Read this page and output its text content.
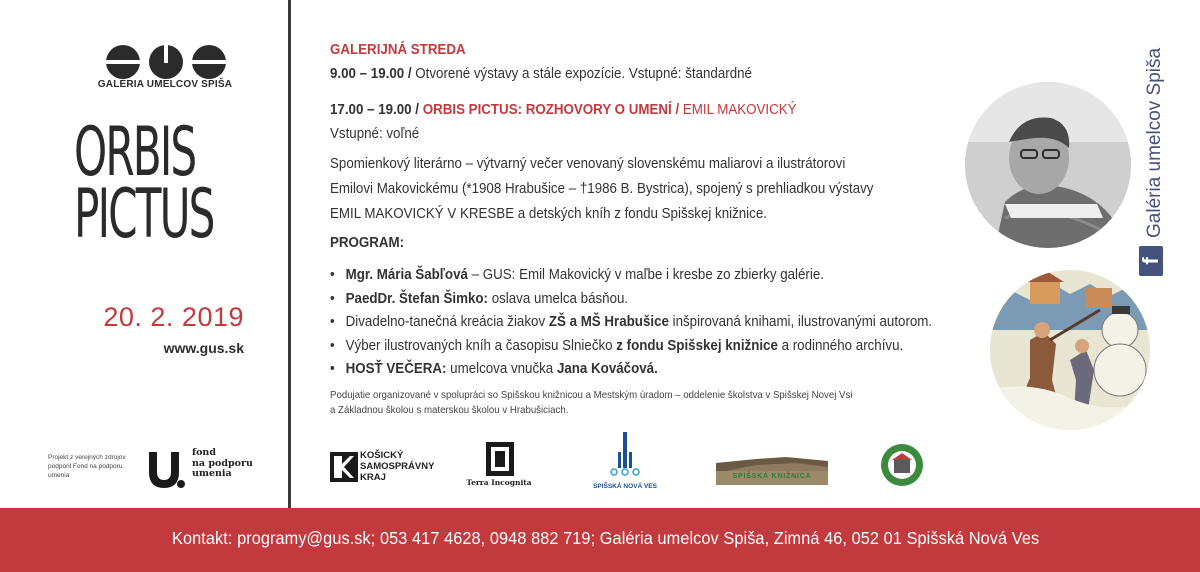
GALÉRIA UMELCOV SPIŠA
ORBIS
PICTUS
20. 2. 2019
www.gus.sk
Projekt z verejných zdrojov podporil Fond na podporu umenia
fond
na podporu
umenia
GALERIJNÁ STREDA
9.00 – 19.00 / Otvorené výstavy a stále expozície. Vstupné: štandardné
17.00 – 19.00 / ORBIS PICTUS: ROZHOVORY O UMENÍ / EMIL MAKOVICKÝ
Vstupné: voľné
Spomienkový literárno – výtvarný večer venovaný slovenskému maliarovi a ilustrátorovi
Emilovi Makovickému (*1908 Hrabušice – †1986 B. Bystrica), spojený s prehliadkou výstavy
EMIL MAKOVICKÝ V KRESBE a detských kníh z fondu Spišskej knižnice.
PROGRAM:
• Mgr. Mária Šabľová – GUS: Emil Makovický v maľbe i kresbe zo zbierky galérie.
• PaedDr. Štefan Šimko: oslava umelca básňou.
• Divadelno-tanečná kreácia žiakov ZŠ a MŠ Hrabušice inšpirovaná knihami, ilustrovanými autorom.
• Výber ilustrovaných kníh a časopisu Slniečko z fondu Spišskej knižnice a rodinného archívu.
• HOSŤ VEČERA: umelcova vnučka Jana Kováčová.
Podujatie organizované v spolupráci so Spišskou knižnicou a Mestským úradom – oddelenie školstva v Spišskej Novej Vsi
a Základnou školou s materskou školou v Hrabušiciach.
KOŠICKÝ
SAMOSPRÁVNY
KRAJ	Terra Incognita	SPIŠSKÁ NOVÁ VES
SPIŠSKÁ KNIŽNICA
f
Galéria umelcov Spiša
Kontakt: programy@gus.sk; 053 417 4628, 0948 882 719; Galéria umelcov Spiša, Zimná 46, 052 01 Spišská Nová Ves
